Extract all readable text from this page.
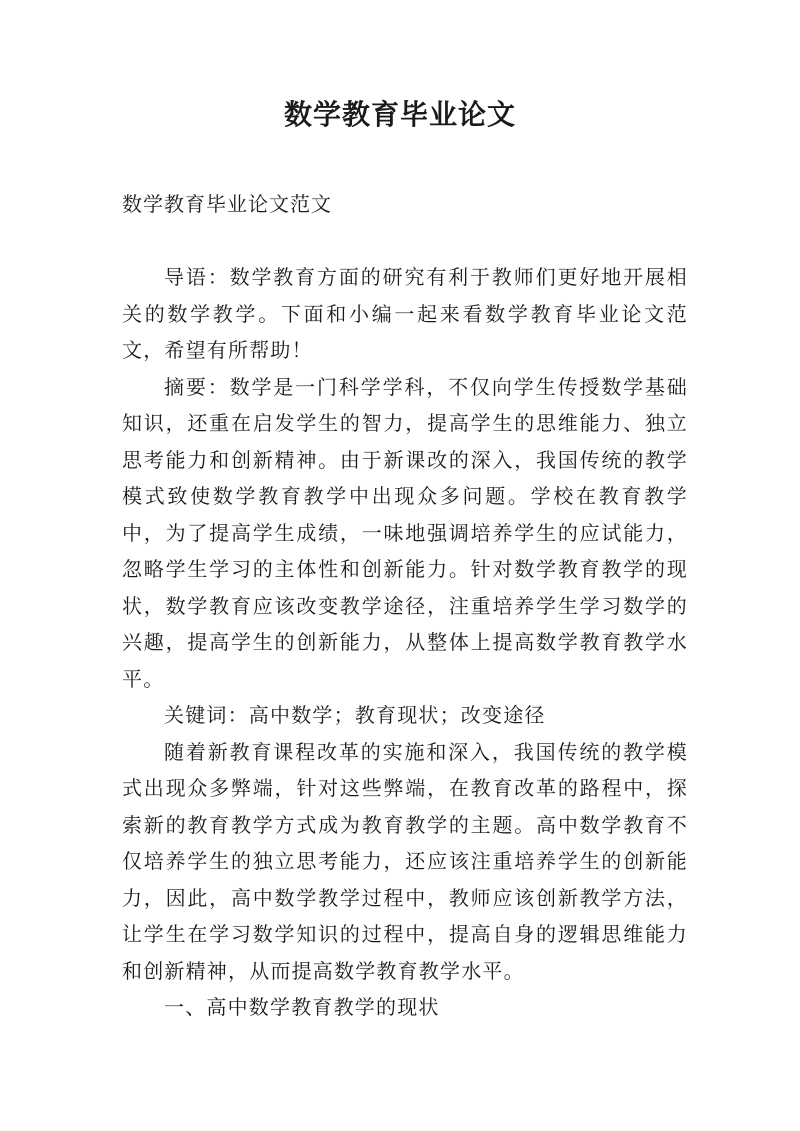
数学教育毕业论文
数学教育毕业论文范文

导语：数学教育方面的研究有利于教师们更好地开展相关的数学教学。下面和小编一起来看数学教育毕业论文范文，希望有所帮助！

摘要：数学是一门科学学科，不仅向学生传授数学基础知识，还重在启发学生的智力，提高学生的思维能力、独立思考能力和创新精神。由于新课改的深入，我国传统的教学模式致使数学教育教学中出现众多问题。学校在教育教学中，为了提高学生成绩，一味地强调培养学生的应试能力，忽略学生学习的主体性和创新能力。针对数学教育教学的现状，数学教育应该改变教学途径，注重培养学生学习数学的兴趣，提高学生的创新能力，从整体上提高数学教育教学水平。

关键词：高中数学；教育现状；改变途径

随着新教育课程改革的实施和深入，我国传统的教学模式出现众多弊端，针对这些弊端，在教育改革的路程中，探索新的教育教学方式成为教育教学的主题。高中数学教育不仅培养学生的独立思考能力，还应该注重培养学生的创新能力，因此，高中数学教学过程中，教师应该创新教学方法，让学生在学习数学知识的过程中，提高自身的逻辑思维能力和创新精神，从而提高数学教育教学水平。

一、高中数学教育教学的现状
